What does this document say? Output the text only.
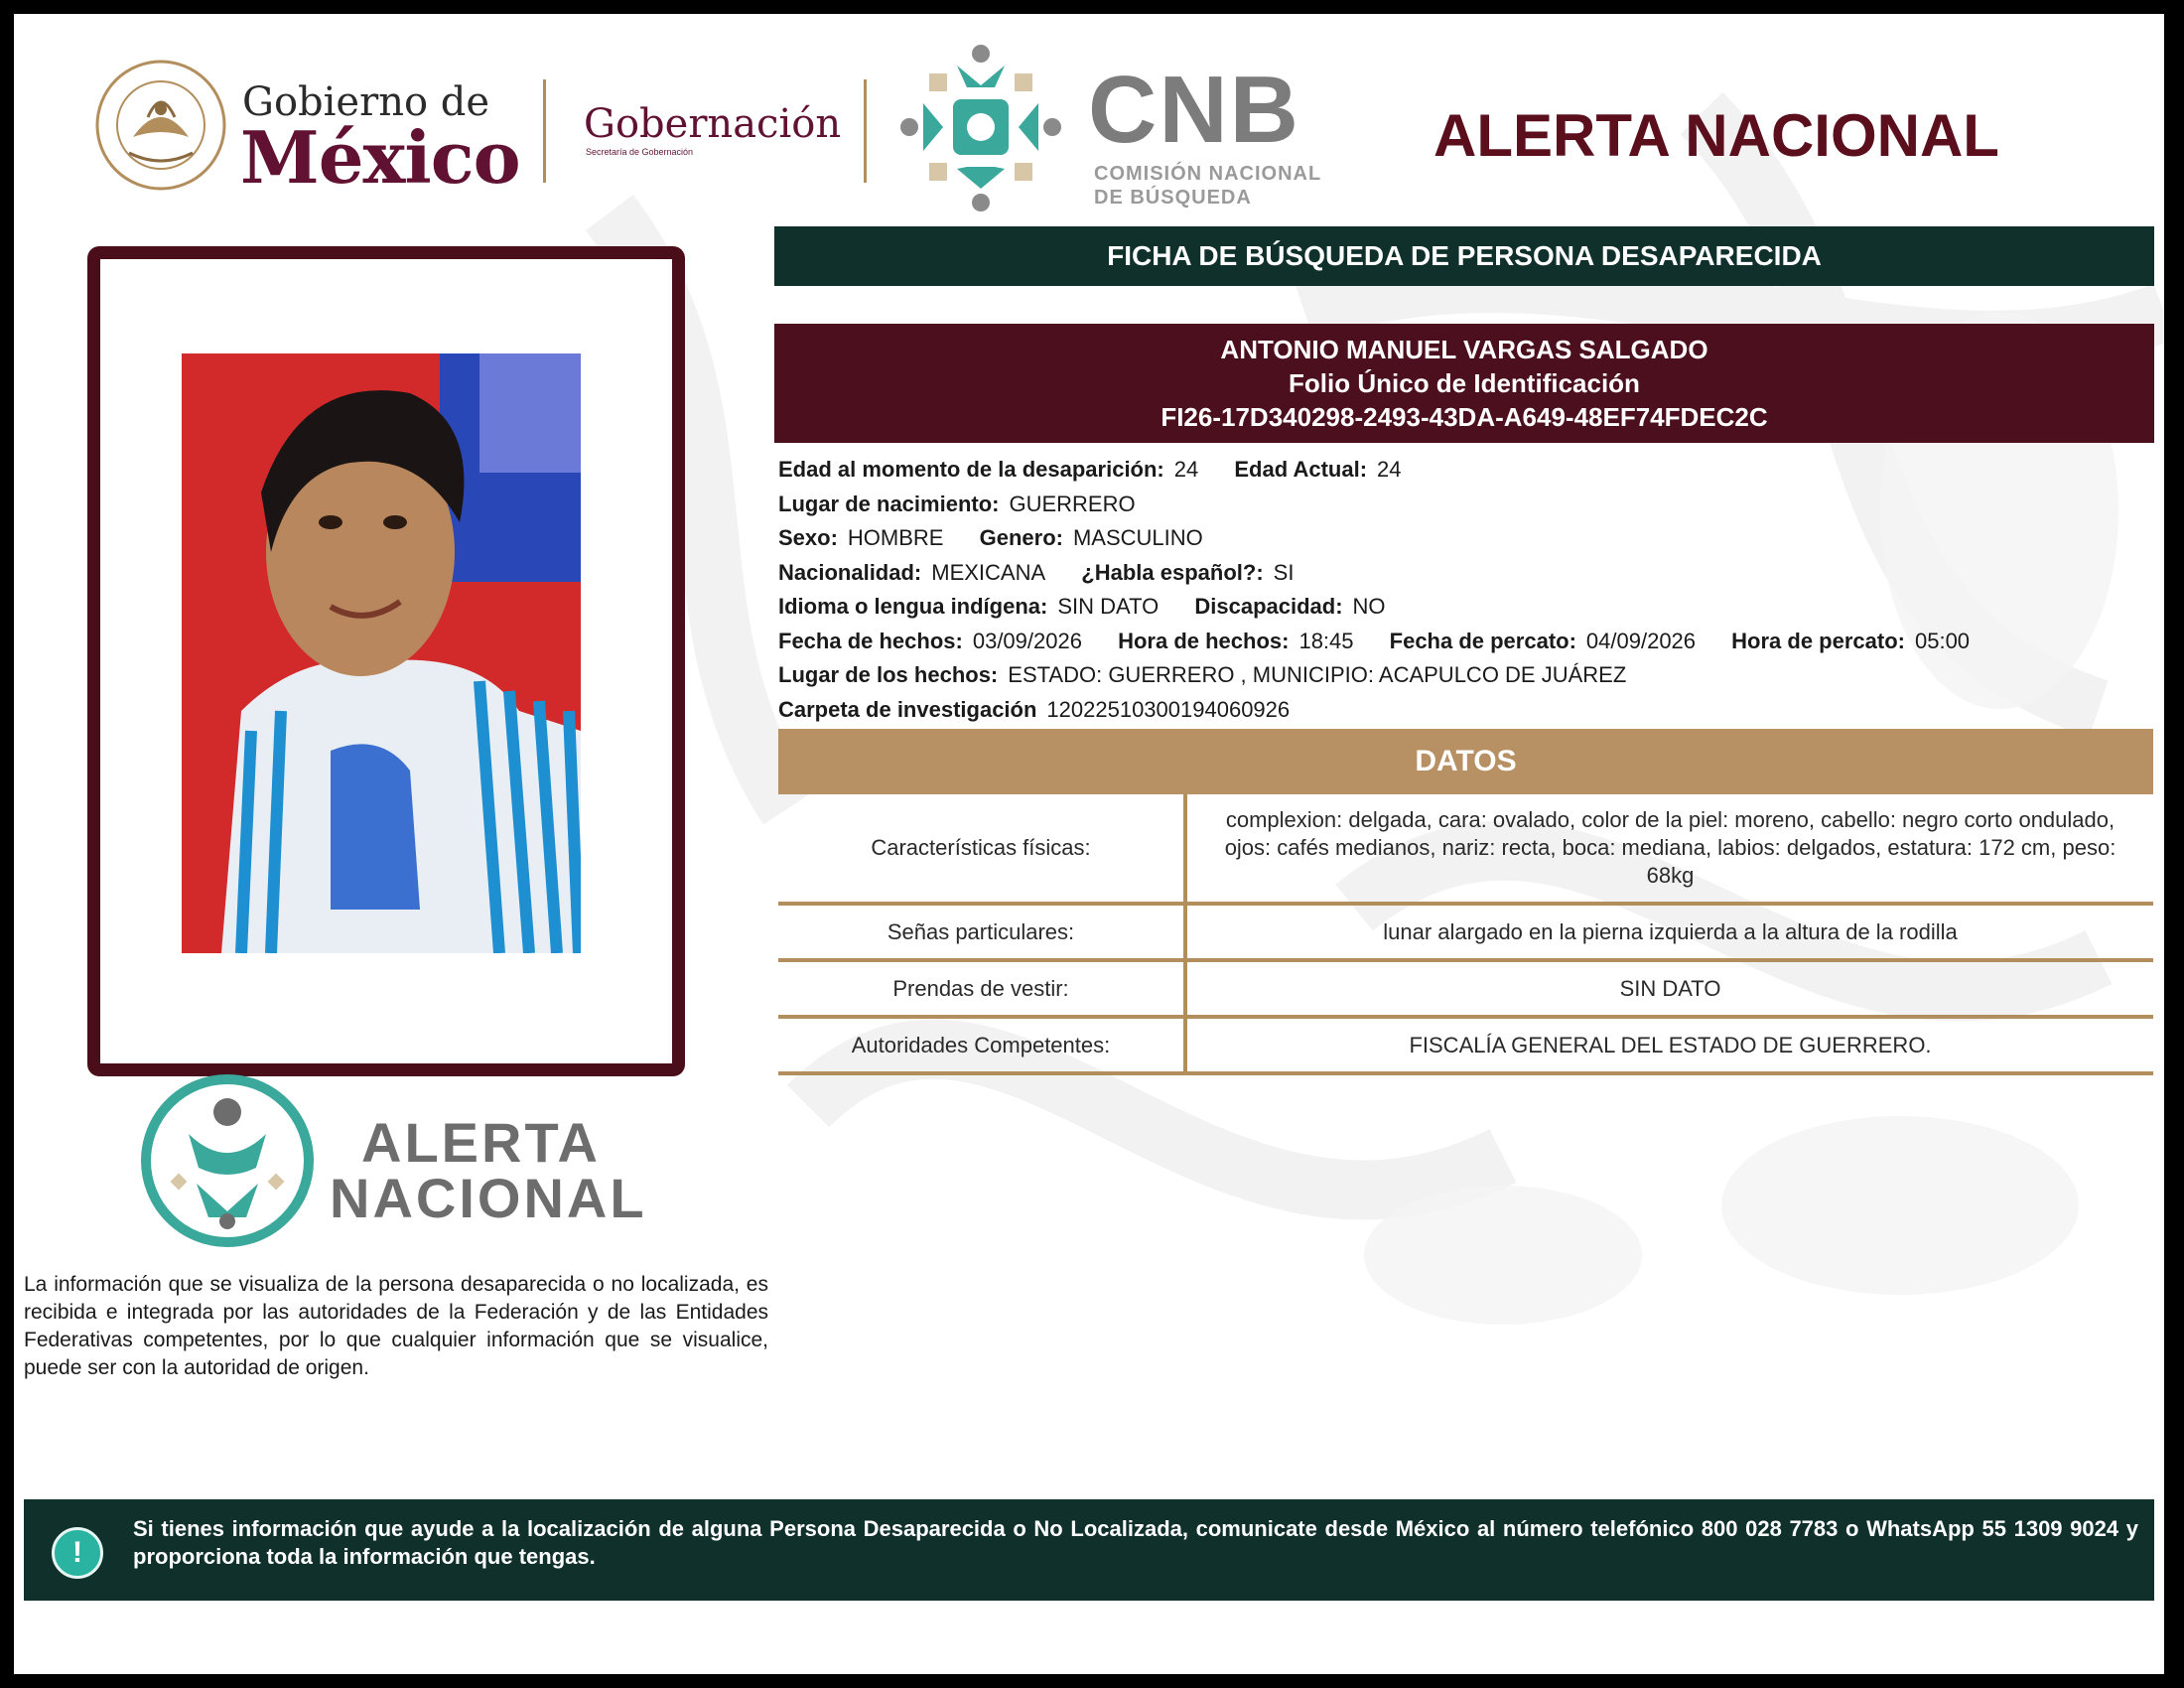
Gobierno de
México Gobernación
Secretaría de Gobernación	CNB
COMISIÓN NACIONAL
DE BÚSQUEDA
ALERTA NACIONAL
ALERTA
NACIONAL
La información que se visualiza de la persona desaparecida o no localizada, es recibida e integrada por las autoridades de la Federación y de las Entidades Federativas competentes, por lo que cualquier información que se visualice, puede ser con la autoridad de origen.
FICHA DE BÚSQUEDA DE PERSONA DESAPARECIDA
ANTONIO MANUEL VARGAS SALGADO
Folio Único de Identificación
FI26-17D340298-2493-43DA-A649-48EF74FDEC2C
Edad al momento de la desaparición: 24 Edad Actual: 24
Lugar de nacimiento: GUERRERO
Sexo: HOMBRE Genero: MASCULINO
Nacionalidad: MEXICANA ¿Habla español?: SI
Idioma o lengua indígena: SIN DATO Discapacidad: NO
Fecha de hechos: 03/09/2026 Hora de hechos: 18:45 Fecha de percato: 04/09/2026 Hora de percato: 05:00
Lugar de los hechos: ESTADO: GUERRERO , MUNICIPIO: ACAPULCO DE JUÁREZ
Carpeta de investigación 12022510300194060926
DATOS
Características físicas:	complexion: delgada, cara: ovalado, color de la piel: moreno, cabello: negro corto ondulado, ojos: cafés medianos, nariz: recta, boca: mediana, labios: delgados, estatura: 172 cm, peso: 68kg
Señas particulares:	lunar alargado en la pierna izquierda a la altura de la rodilla
Prendas de vestir:	SIN DATO
Autoridades Competentes:	FISCALÍA GENERAL DEL ESTADO DE GUERRERO.
!
Si tienes información que ayude a la localización de alguna Persona Desaparecida o No Localizada, comunicate desde México al número telefónico 800 028 7783 o WhatsApp 55 1309 9024 y proporciona toda la información que tengas.
